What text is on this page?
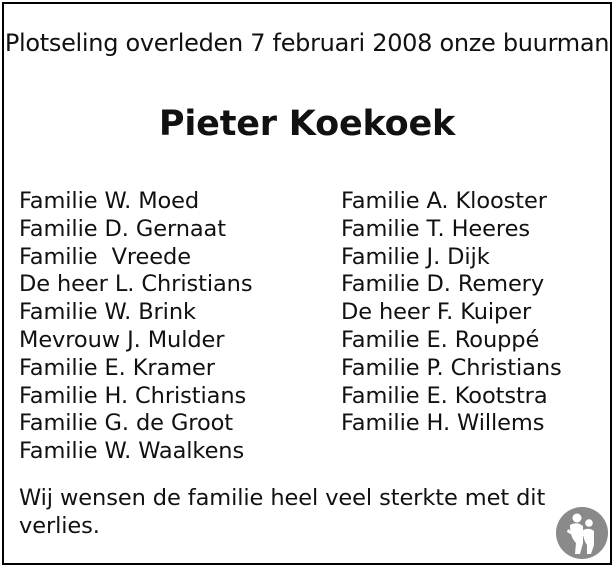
Plotseling overleden 7 februari 2008 onze buurman
Pieter Koekoek
Familie W. Moed
Familie D. Gernaat
Familie  Vreede
De heer L. Christians
Familie W. Brink
Mevrouw J. Mulder
Familie E. Kramer
Familie H. Christians
Familie G. de Groot
Familie W. Waalkens
Familie A. Klooster
Familie T. Heeres
Familie J. Dijk
Familie D. Remery
De heer F. Kuiper
Familie E. Rouppé
Familie P. Christians
Familie E. Kootstra
Familie H. Willems
Wij wensen de familie heel veel sterkte met dit verlies.
